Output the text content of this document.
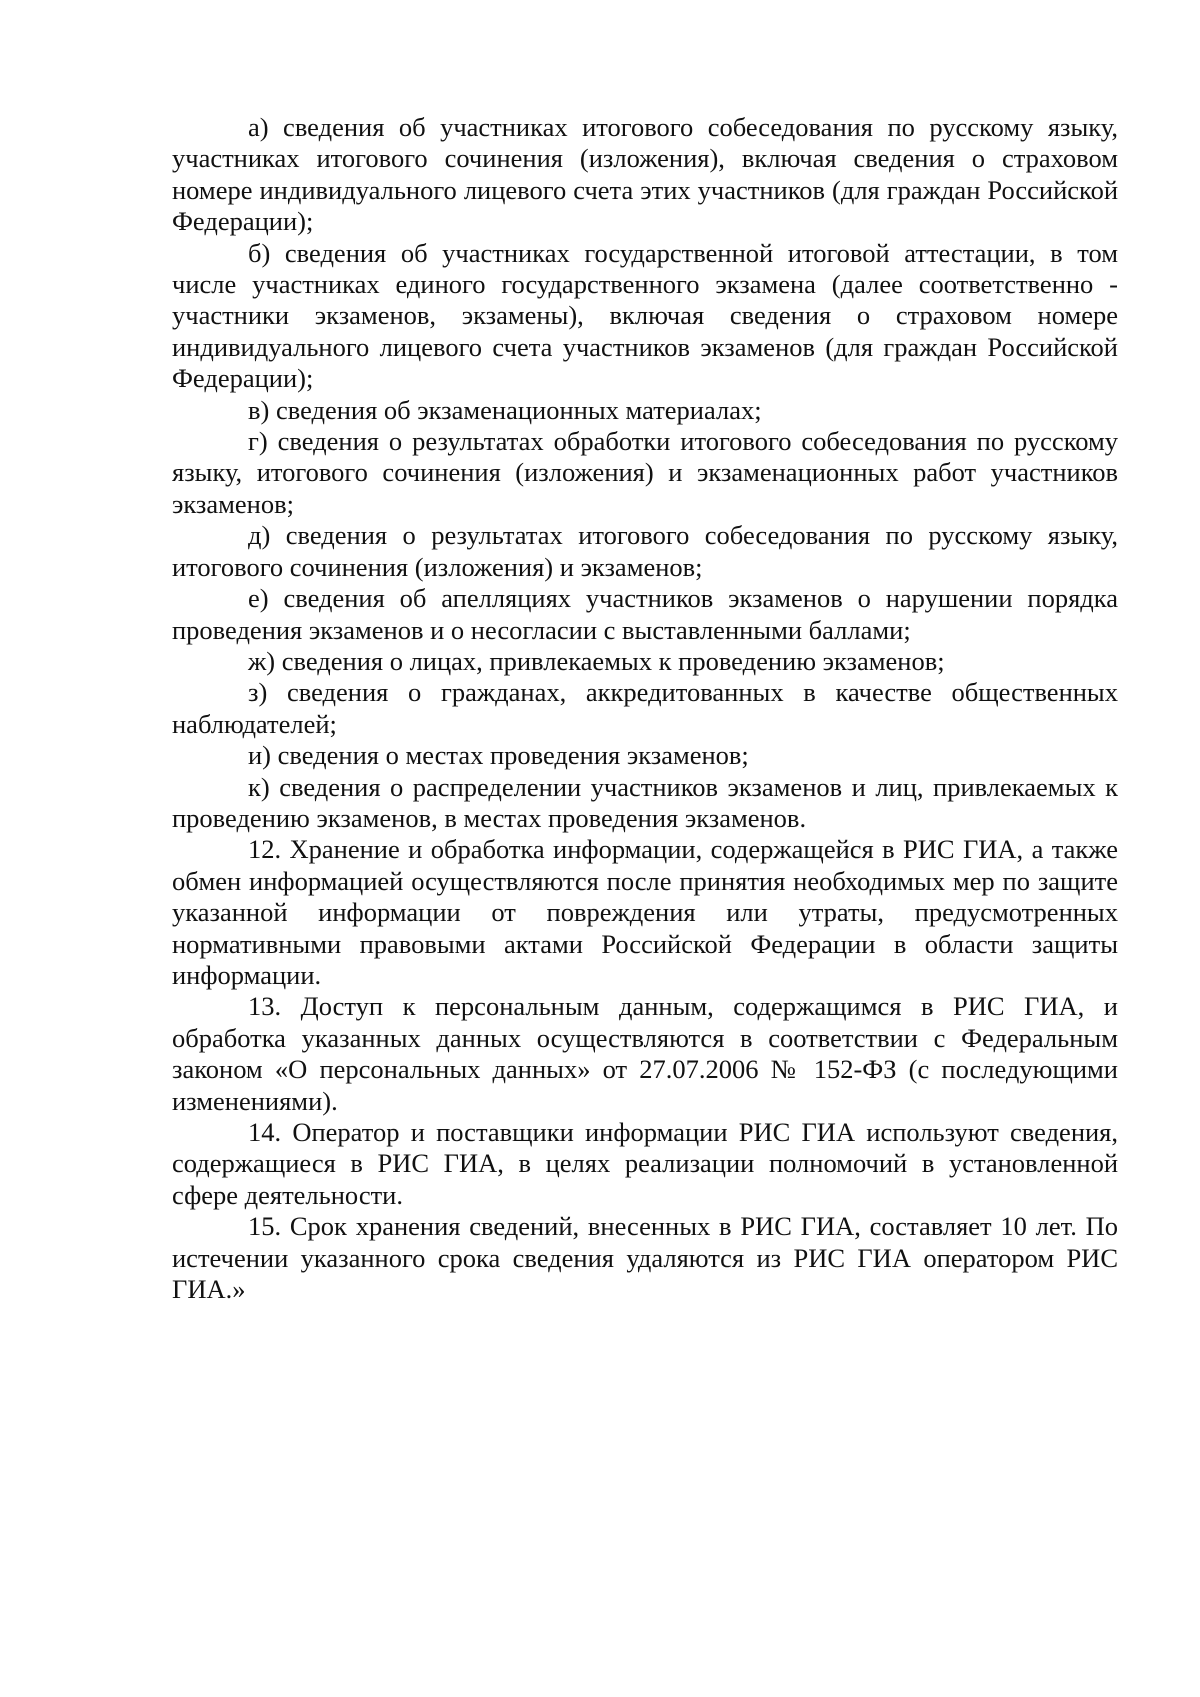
а) сведения об участниках итогового собеседования по русскому языку, участниках итогового сочинения (изложения), включая сведения о страховом номере индивидуального лицевого счета этих участников (для граждан Российской Федерации);

б) сведения об участниках государственной итоговой аттестации, в том числе участниках единого государственного экзамена (далее соответственно - участники экзаменов, экзамены), включая сведения о страховом номере индивидуального лицевого счета участников экзаменов (для граждан Российской Федерации);

в) сведения об экзаменационных материалах;

г) сведения о результатах обработки итогового собеседования по русскому языку, итогового сочинения (изложения) и экзаменационных работ участников экзаменов;

д) сведения о результатах итогового собеседования по русскому языку, итогового сочинения (изложения) и экзаменов;

е) сведения об апелляциях участников экзаменов о нарушении порядка проведения экзаменов и о несогласии с выставленными баллами;

ж) сведения о лицах, привлекаемых к проведению экзаменов;

з) сведения о гражданах, аккредитованных в качестве общественных наблюдателей;

и) сведения о местах проведения экзаменов;

к) сведения о распределении участников экзаменов и лиц, привлекаемых к проведению экзаменов, в местах проведения экзаменов.

12. Хранение и обработка информации, содержащейся в РИС ГИА, а также обмен информацией осуществляются после принятия необходимых мер по защите указанной информации от повреждения или утраты, предусмотренных нормативными правовыми актами Российской Федерации в области защиты информации.

13. Доступ к персональным данным, содержащимся в РИС ГИА, и обработка указанных данных осуществляются в соответствии с Федеральным законом «О персональных данных» от 27.07.2006 № 152-ФЗ (с последующими изменениями).

14. Оператор и поставщики информации РИС ГИА используют сведения, содержащиеся в РИС ГИА, в целях реализации полномочий в установленной сфере деятельности.

15. Срок хранения сведений, внесенных в РИС ГИА, составляет 10 лет. По истечении указанного срока сведения удаляются из РИС ГИА оператором РИС ГИА.»
